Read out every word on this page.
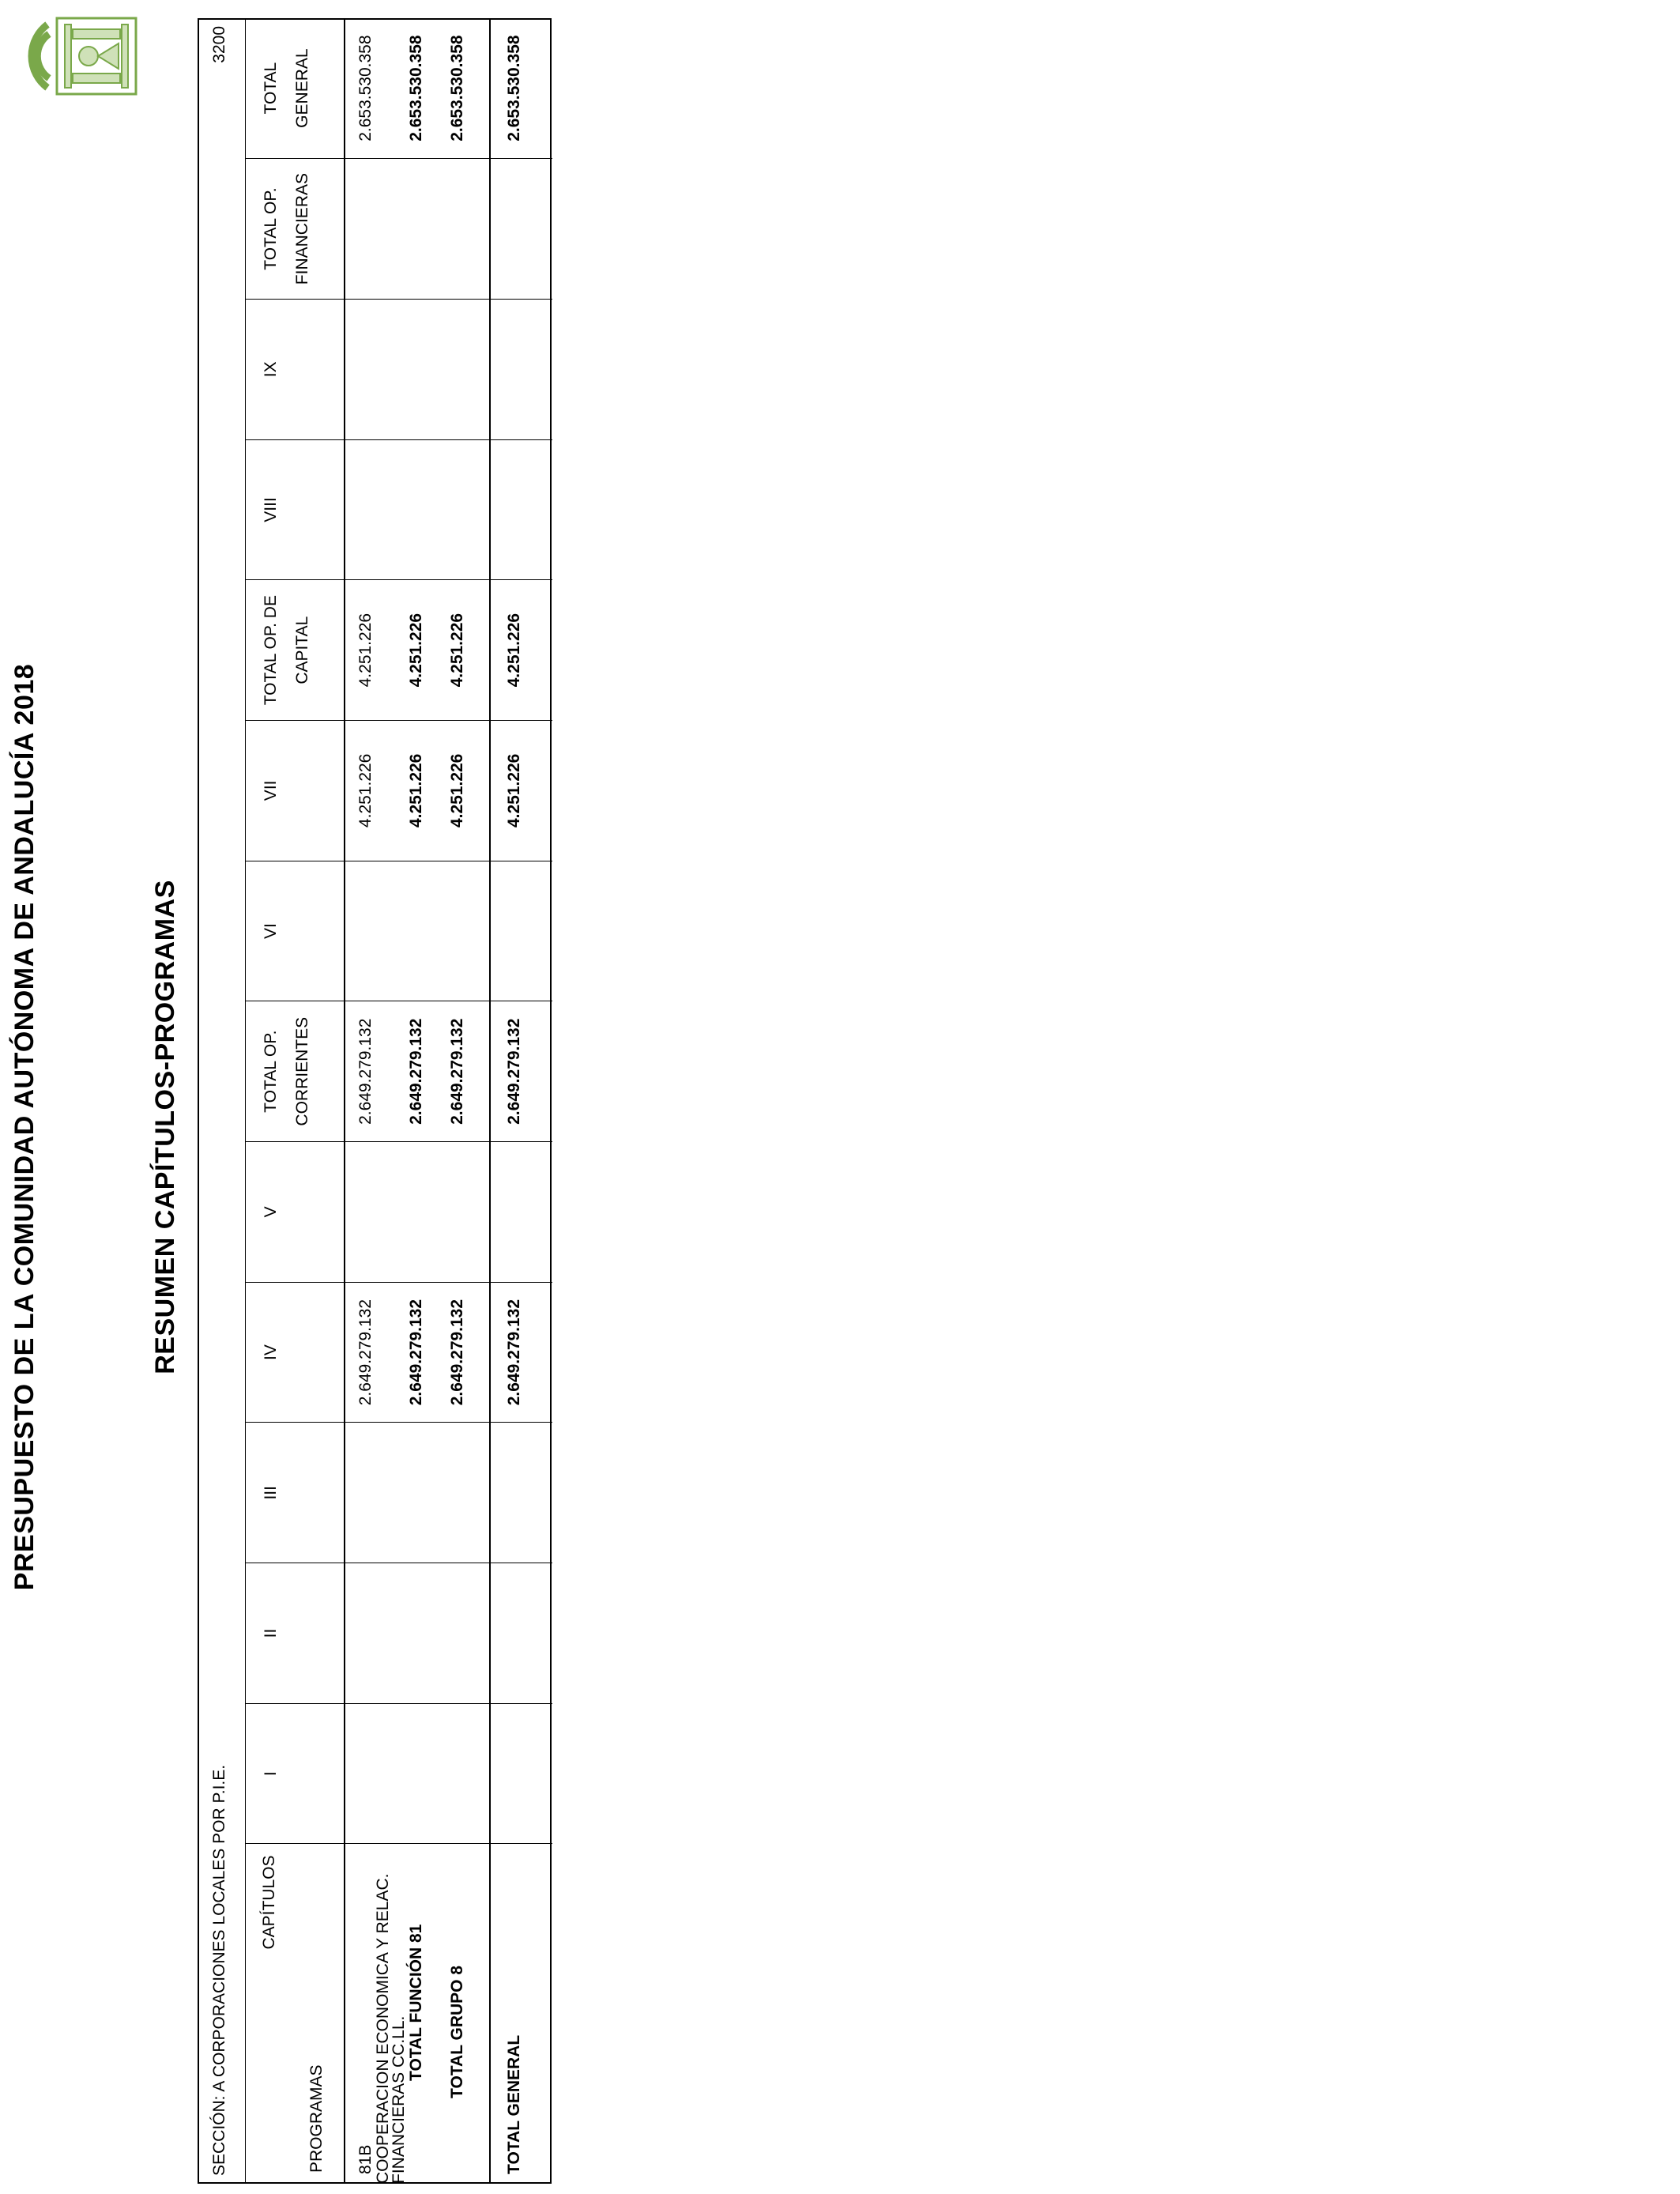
PRESUPUESTO DE LA COMUNIDAD AUTÓNOMA DE ANDALUCÍA 2018	RESUMEN CAPÍTULOS-PROGRAMAS
SECCIÓN: A CORPORACIONES LOCALES POR P.I.E.
3200
CAPÍTULOS
PROGRAMAS	I	II	III	IV	V	TOTAL OP. CORRIENTES	VI	VII	TOTAL OP. DE CAPITAL	VIII	IX	TOTAL OP. FINANCIERAS	TOTAL GENERAL
81BCOOPERACION ECONOMICA Y RELAC. FINANCIERAS CC.LL.				2.649.279.132		2.649.279.132		4.251.226	4.251.226				2.653.530.358
TOTAL FUNCIÓN 81				2.649.279.132		2.649.279.132		4.251.226	4.251.226				2.653.530.358
TOTAL GRUPO 8				2.649.279.132		2.649.279.132		4.251.226	4.251.226				2.653.530.358
TOTAL GENERAL				2.649.279.132		2.649.279.132		4.251.226	4.251.226				2.653.530.358
